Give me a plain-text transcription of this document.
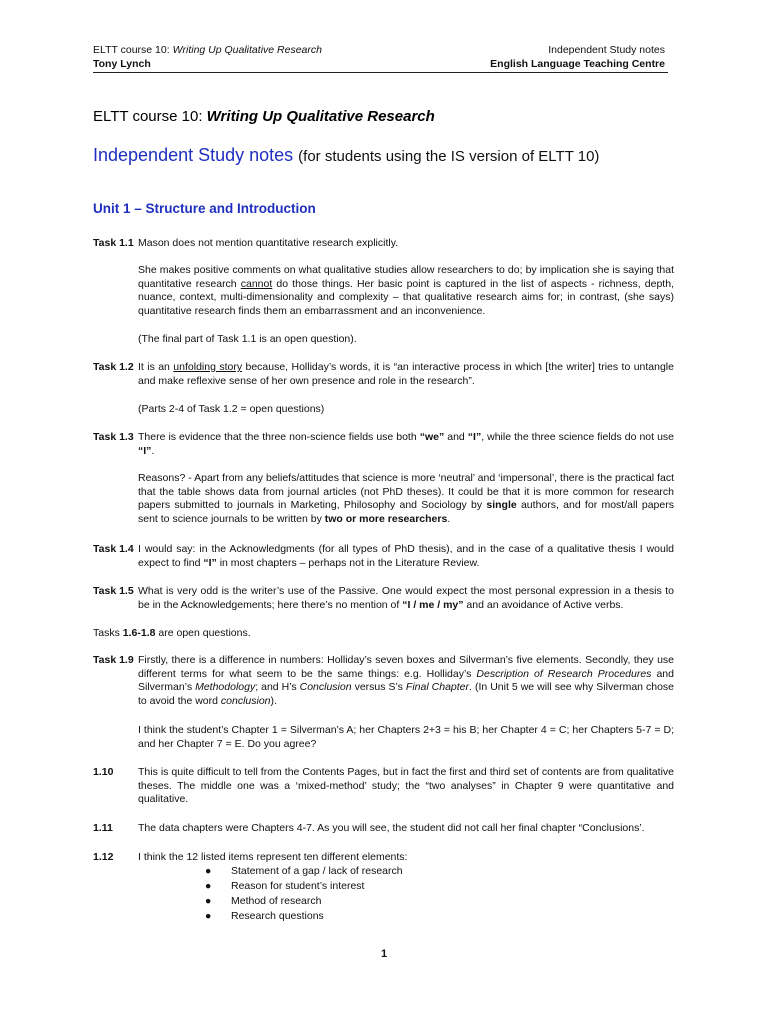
ELTT course 10: Writing Up Qualitative Research
Tony Lynch
Independent Study notes
English Language Teaching Centre
ELTT course 10: Writing Up Qualitative Research
Independent Study notes (for students using the IS version of ELTT 10)
Unit 1 – Structure and Introduction
Task 1.1 Mason does not mention quantitative research explicitly.
She makes positive comments on what qualitative studies allow researchers to do; by implication she is saying that quantitative research cannot do those things. Her basic point is captured in the list of aspects - richness, depth, nuance, context, multi-dimensionality and complexity – that qualitative research aims for; in contrast, (she says) quantitative research finds them an embarrassment and an inconvenience.
(The final part of Task 1.1 is an open question).
Task 1.2 It is an unfolding story because, Holliday’s words, it is “an interactive process in which [the writer] tries to untangle and make reflexive sense of her own presence and role in the research”.
(Parts 2-4 of Task 1.2 = open questions)
Task 1.3 There is evidence that the three non-science fields use both “we” and “I”, while the three science fields do not use “I”.
Reasons? - Apart from any beliefs/attitudes that science is more ‘neutral’ and ‘impersonal’, there is the practical fact that the table shows data from journal articles (not PhD theses). It could be that it is more common for research papers submitted to journals in Marketing, Philosophy and Sociology by single authors, and for most/all papers sent to science journals to be written by two or more researchers.
Task 1.4 I would say: in the Acknowledgments (for all types of PhD thesis), and in the case of a qualitative thesis I would expect to find “I” in most chapters – perhaps not in the Literature Review.
Task 1.5 What is very odd is the writer’s use of the Passive. One would expect the most personal expression in a thesis to be in the Acknowledgements; here there’s no mention of “I / me / my” and an avoidance of Active verbs.
Tasks 1.6-1.8 are open questions.
Task 1.9 Firstly, there is a difference in numbers: Holliday’s seven boxes and Silverman’s five elements. Secondly, they use different terms for what seem to be the same things: e.g. Holliday’s Description of Research Procedures and Silverman’s Methodology; and H’s Conclusion versus S’s Final Chapter. (In Unit 5 we will see why Silverman chose to avoid the word conclusion).
I think the student’s Chapter 1 = Silverman’s A; her Chapters 2+3 = his B; her Chapter 4 = C; her Chapters 5-7 = D; and her Chapter 7 = E. Do you agree?
1.10 This is quite difficult to tell from the Contents Pages, but in fact the first and third set of contents are from qualitative theses. The middle one was a ‘mixed-method’ study; the “two analyses” in Chapter 9 were quantitative and qualitative.
1.11 The data chapters were Chapters 4-7. As you will see, the student did not call her final chapter “Conclusions’.
1.12 I think the 12 listed items represent ten different elements:
● Statement of a gap / lack of research
● Reason for student’s interest
● Method of research
● Research questions
1
